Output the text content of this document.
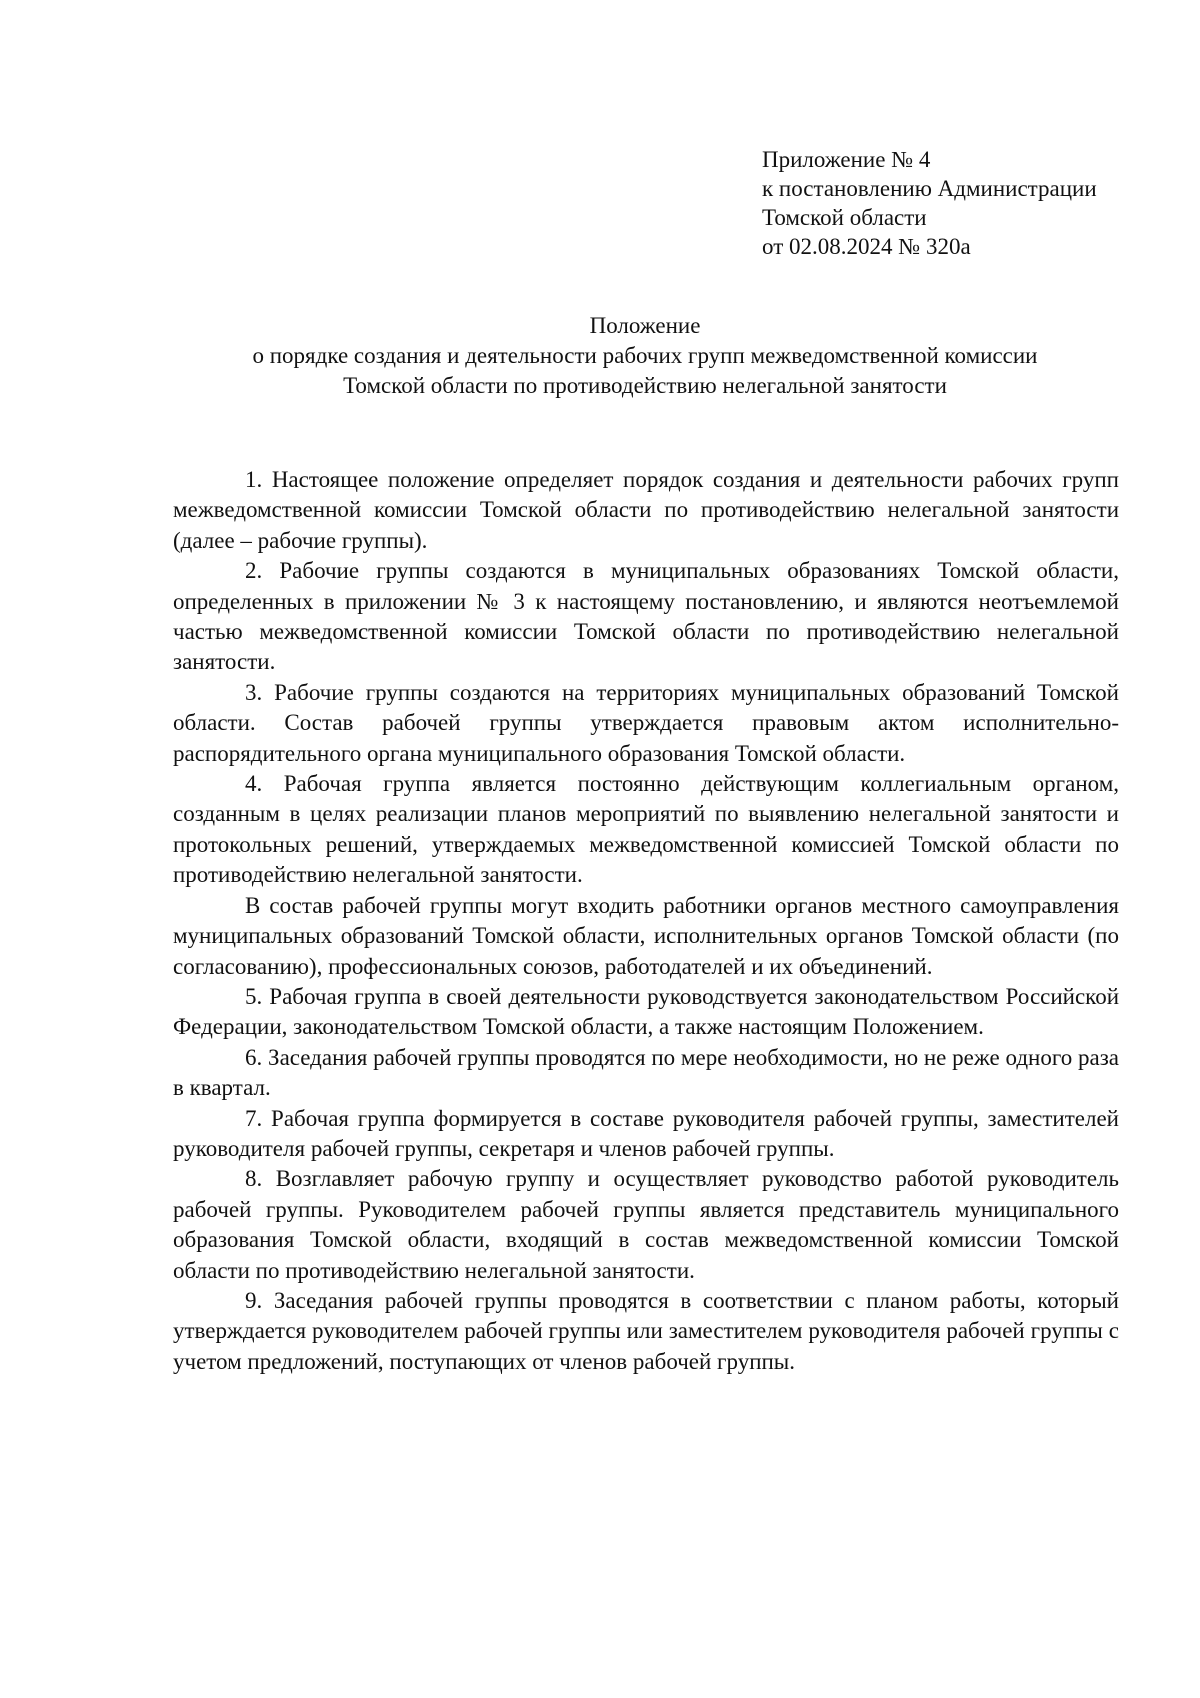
Приложение № 4
к постановлению Администрации
Томской области
от 02.08.2024 № 320а
Положение
о порядке создания и деятельности рабочих групп межведомственной комиссии
Томской области по противодействию нелегальной занятости

1. Настоящее положение определяет порядок создания и деятельности рабочих групп межведомственной комиссии Томской области по противодействию нелегальной занятости (далее – рабочие группы).

2. Рабочие группы создаются в муниципальных образованиях Томской области, определенных в приложении № 3 к настоящему постановлению, и являются неотъемлемой частью межведомственной комиссии Томской области по противодействию нелегальной занятости.

3. Рабочие группы создаются на территориях муниципальных образований Томской области. Состав рабочей группы утверждается правовым актом исполнительно-распорядительного органа муниципального образования Томской области.

4. Рабочая группа является постоянно действующим коллегиальным органом, созданным в целях реализации планов мероприятий по выявлению нелегальной занятости и протокольных решений, утверждаемых межведомственной комиссией Томской области по противодействию нелегальной занятости.

В состав рабочей группы могут входить работники органов местного самоуправления муниципальных образований Томской области, исполнительных органов Томской области (по согласованию), профессиональных союзов, работодателей и их объединений.

5. Рабочая группа в своей деятельности руководствуется законодательством Российской Федерации, законодательством Томской области, а также настоящим Положением.

6. Заседания рабочей группы проводятся по мере необходимости, но не реже одного раза в квартал.

7. Рабочая группа формируется в составе руководителя рабочей группы, заместителей руководителя рабочей группы, секретаря и членов рабочей группы.

8. Возглавляет рабочую группу и осуществляет руководство работой руководитель рабочей группы. Руководителем рабочей группы является представитель муниципального образования Томской области, входящий в состав межведомственной комиссии Томской области по противодействию нелегальной занятости.

9. Заседания рабочей группы проводятся в соответствии с планом работы, который утверждается руководителем рабочей группы или заместителем руководителя рабочей группы с учетом предложений, поступающих от членов рабочей группы.
